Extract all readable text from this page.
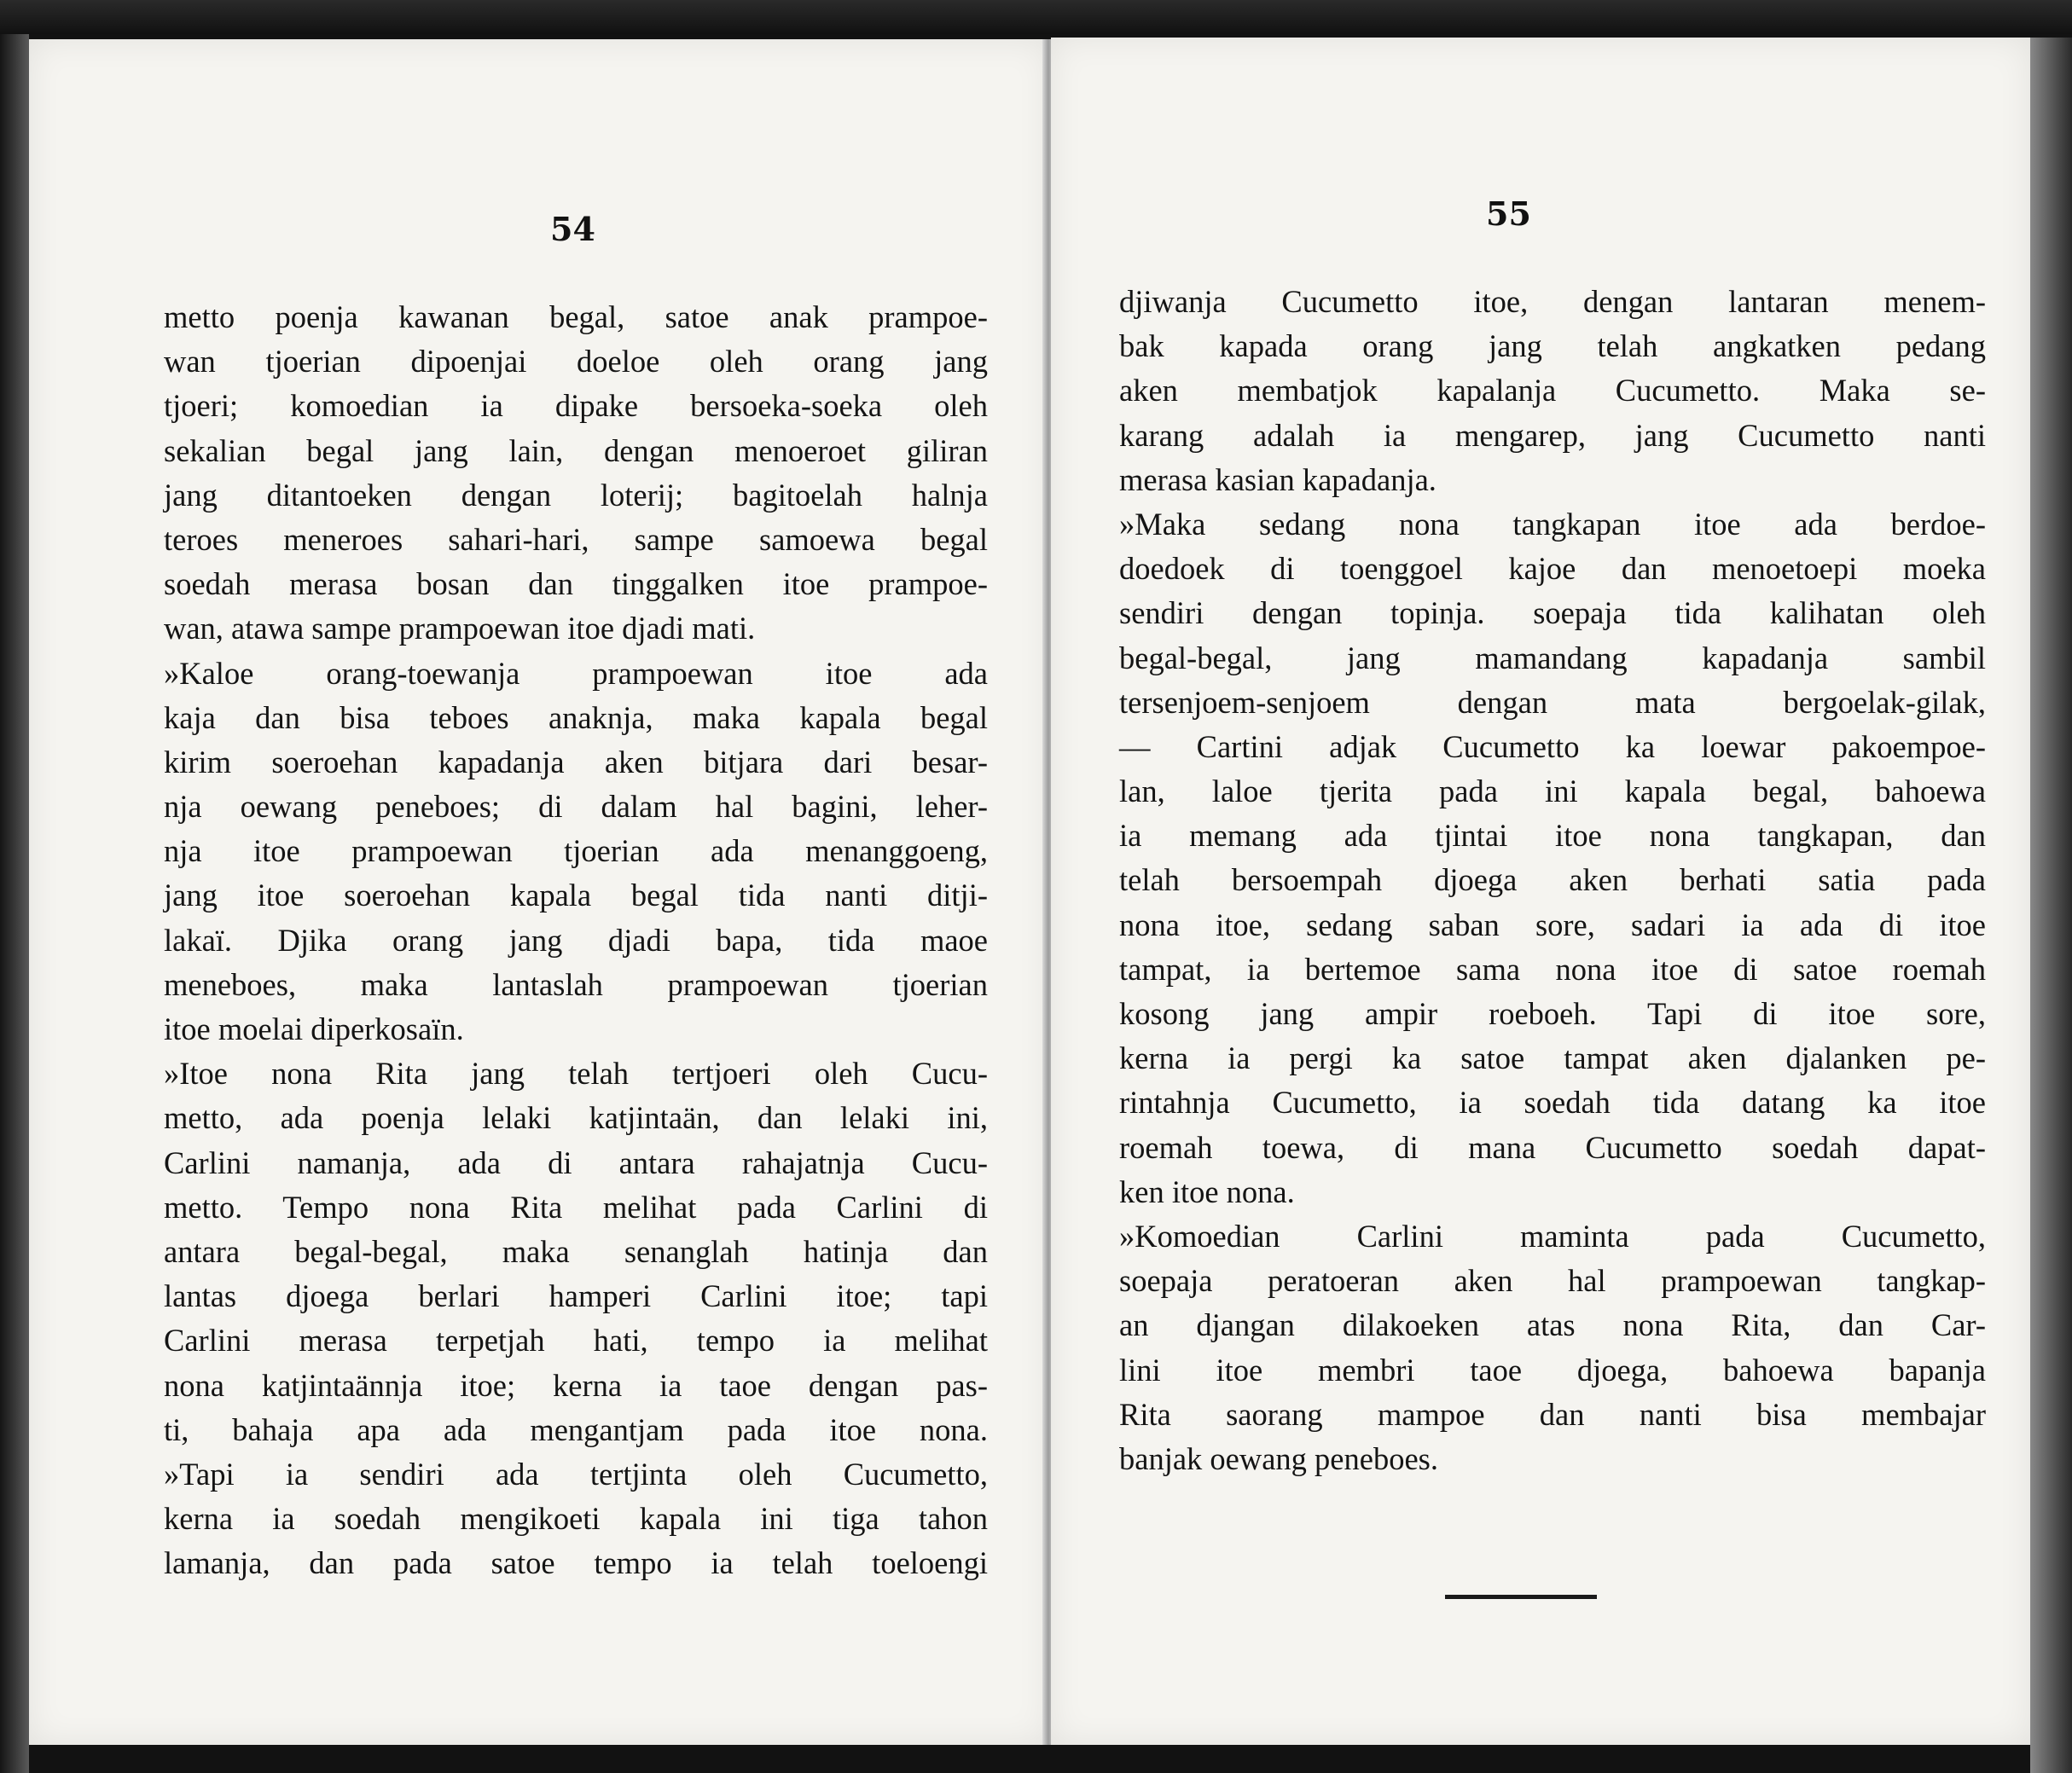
54
metto poenja kawanan begal, satoe anak prampoe-
wan tjoerian dipoenjai doeloe oleh orang jang
tjoeri; komoedian ia dipake bersoeka-soeka oleh
sekalian begal jang lain, dengan menoeroet giliran
jang ditantoeken dengan loterij; bagitoelah halnja
teroes meneroes sahari-hari, sampe samoewa begal
soedah merasa bosan dan tinggalken itoe prampoe-
wan, atawa sampe prampoewan itoe djadi mati.
»Kaloe orang-toewanja prampoewan itoe ada
kaja dan bisa teboes anaknja, maka kapala begal
kirim soeroehan kapadanja aken bitjara dari besar-
nja oewang peneboes; di dalam hal bagini, leher-
nja itoe prampoewan tjoerian ada menanggoeng,
jang itoe soeroehan kapala begal tida nanti ditji-
lakaï. Djika orang jang djadi bapa, tida maoe
meneboes, maka lantaslah prampoewan tjoerian
itoe moelai diperkosaïn.
»Itoe nona Rita jang telah tertjoeri oleh Cucu-
metto, ada poenja lelaki katjintaän, dan lelaki ini,
Carlini namanja, ada di antara rahajatnja Cucu-
metto. Tempo nona Rita melihat pada Carlini di
antara begal-begal, maka senanglah hatinja dan
lantas djoega berlari hamperi Carlini itoe; tapi
Carlini merasa terpetjah hati, tempo ia melihat
nona katjintaännja itoe; kerna ia taoe dengan pas-
ti, bahaja apa ada mengantjam pada itoe nona.
»Tapi ia sendiri ada tertjinta oleh Cucumetto,
kerna ia soedah mengikoeti kapala ini tiga tahon
lamanja, dan pada satoe tempo ia telah toeloengi
55
djiwanja Cucumetto itoe, dengan lantaran menem-
bak kapada orang jang telah angkatken pedang
aken membatjok kapalanja Cucumetto. Maka se-
karang adalah ia mengarep, jang Cucumetto nanti
merasa kasian kapadanja.
»Maka sedang nona tangkapan itoe ada berdoe-
doedoek di toenggoel kajoe dan menoetoepi moeka
sendiri dengan topinja. soepaja tida kalihatan oleh
begal-begal, jang mamandang kapadanja sambil
tersenjoem-senjoem dengan mata bergoelak-gilak,
— Cartini adjak Cucumetto ka loewar pakoempoe-
lan, laloe tjerita pada ini kapala begal, bahoewa
ia memang ada tjintai itoe nona tangkapan, dan
telah bersoempah djoega aken berhati satia pada
nona itoe, sedang saban sore, sadari ia ada di itoe
tampat, ia bertemoe sama nona itoe di satoe roemah
kosong jang ampir roeboeh. Tapi di itoe sore,
kerna ia pergi ka satoe tampat aken djalanken pe-
rintahnja Cucumetto, ia soedah tida datang ka itoe
roemah toewa, di mana Cucumetto soedah dapat-
ken itoe nona.
»Komoedian Carlini maminta pada Cucumetto,
soepaja peratoeran aken hal prampoewan tangkap-
an djangan dilakoeken atas nona Rita, dan Car-
lini itoe membri taoe djoega, bahoewa bapanja
Rita saorang mampoe dan nanti bisa membajar
banjak oewang peneboes.
